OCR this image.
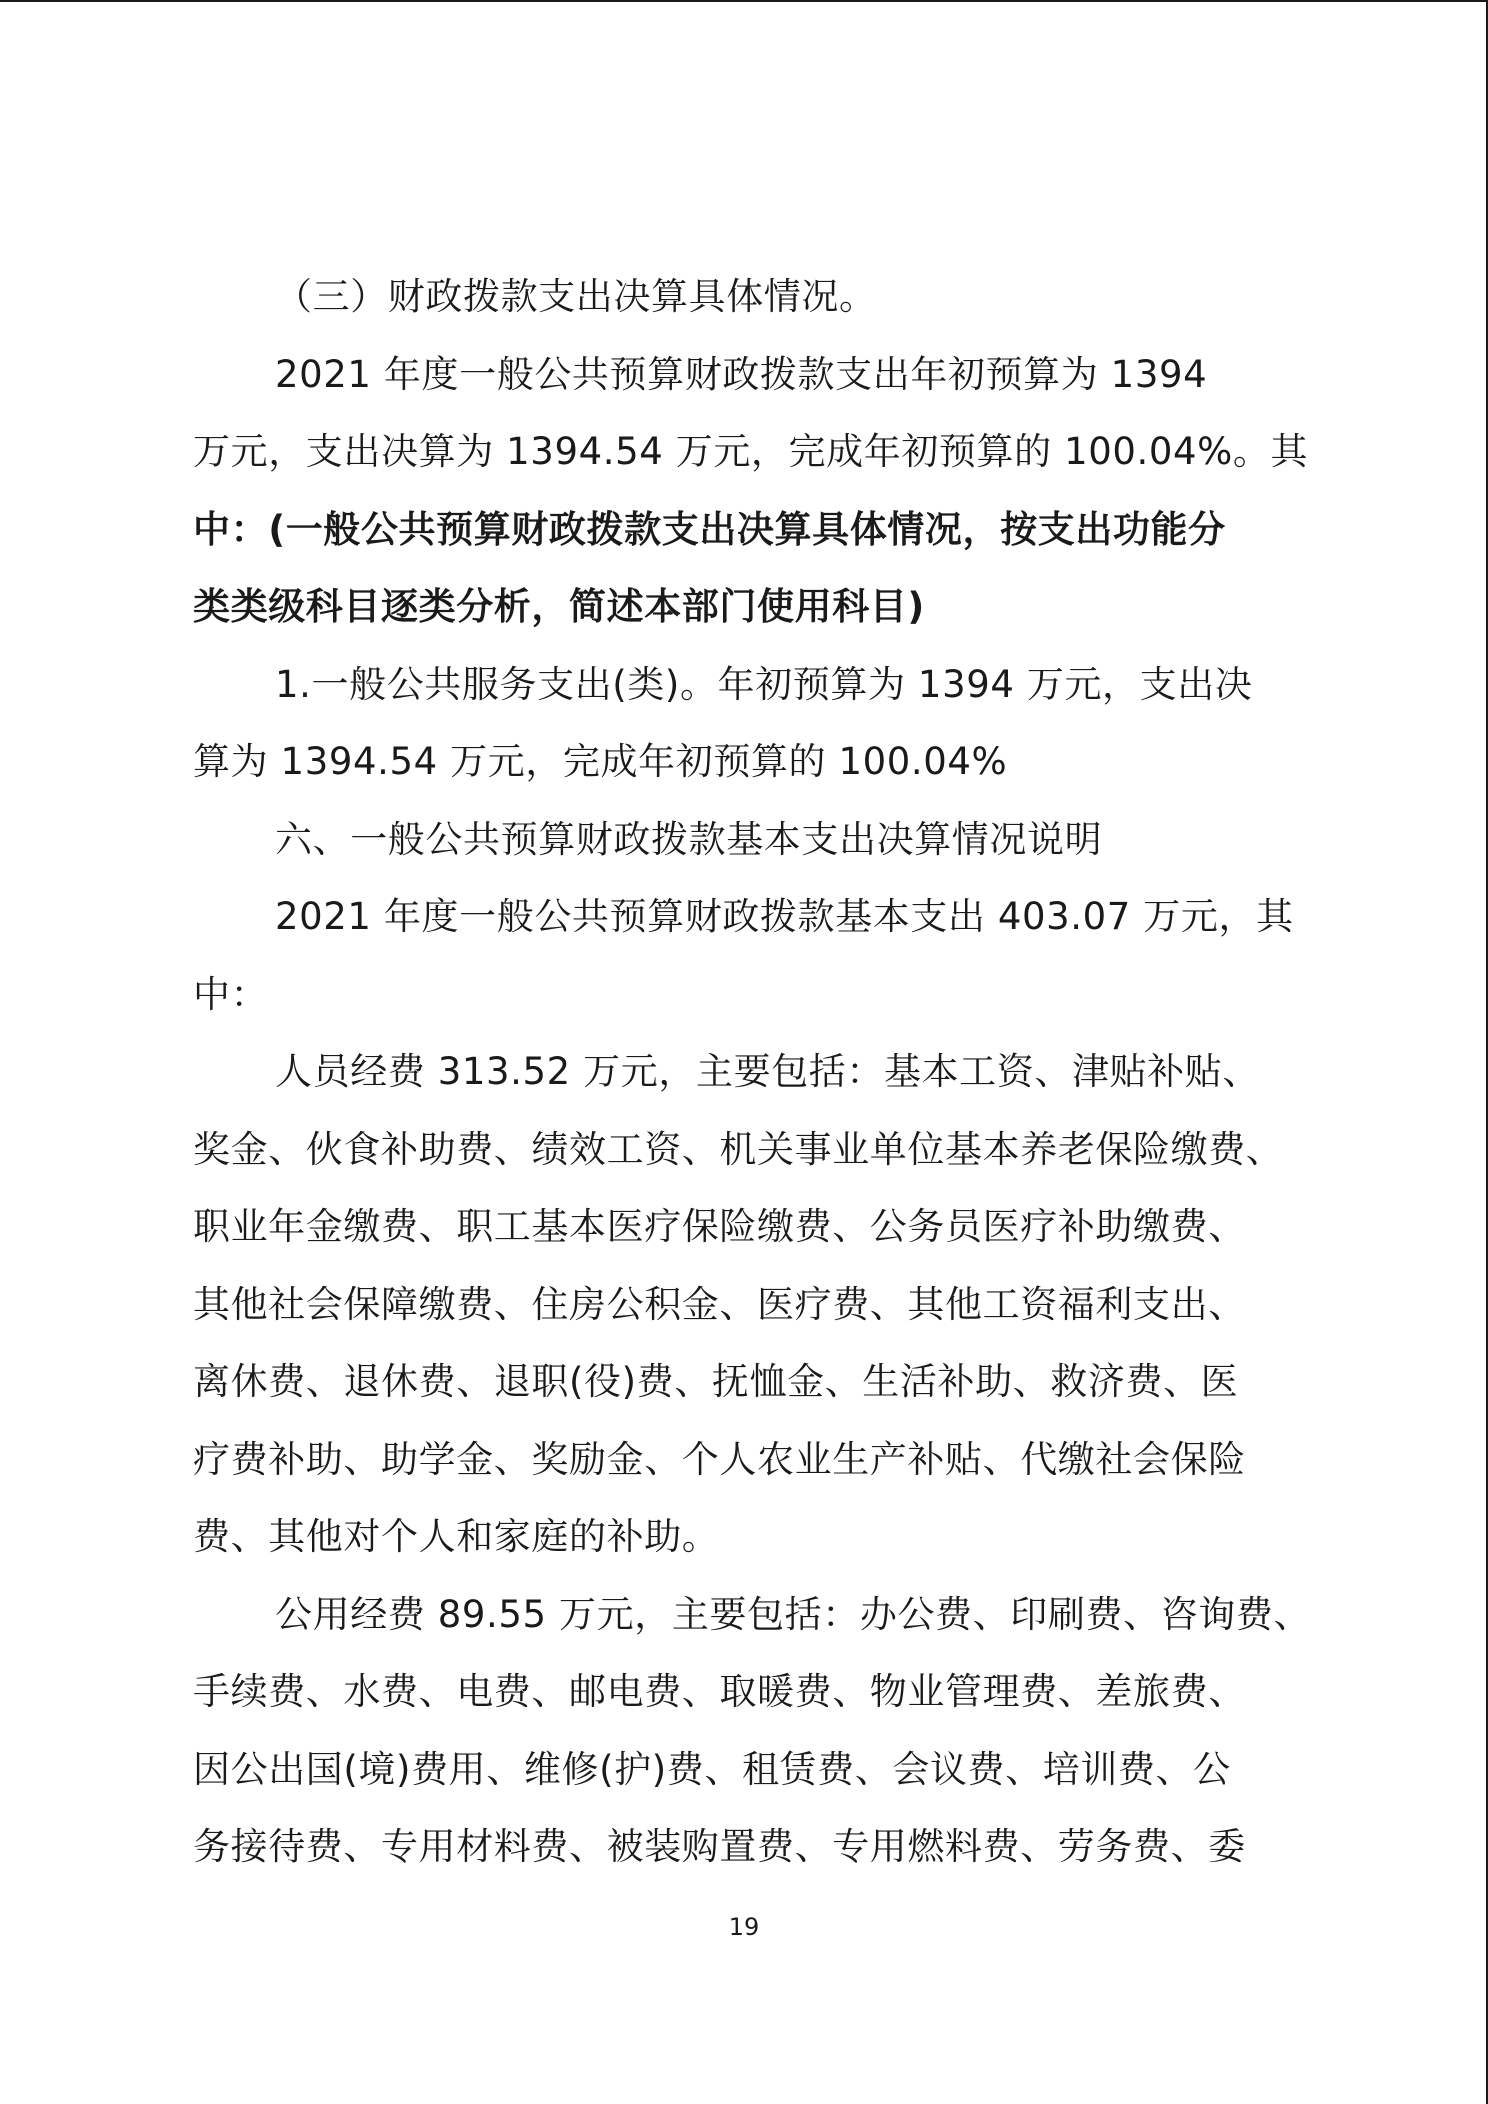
（三）财政拨款支出决算具体情况。

2021 年度一般公共预算财政拨款支出年初预算为 1394
万元，支出决算为 1394.54 万元，完成年初预算的 100.04%。其

中：(一般公共预算财政拨款支出决算具体情况，按支出功能分
类类级科目逐类分析，简述本部门使用科目)

1.一般公共服务支出(类)。年初预算为 1394 万元，支出决
算为 1394.54 万元，完成年初预算的 100.04%

六、一般公共预算财政拨款基本支出决算情况说明

2021 年度一般公共预算财政拨款基本支出 403.07 万元，其
中：

人员经费 313.52 万元，主要包括：基本工资、津贴补贴、
奖金、伙食补助费、绩效工资、机关事业单位基本养老保险缴费、
职业年金缴费、职工基本医疗保险缴费、公务员医疗补助缴费、
其他社会保障缴费、住房公积金、医疗费、其他工资福利支出、
离休费、退休费、退职(役)费、抚恤金、生活补助、救济费、医
疗费补助、助学金、奖励金、个人农业生产补贴、代缴社会保险
费、其他对个人和家庭的补助。

公用经费 89.55 万元，主要包括：办公费、印刷费、咨询费、
手续费、水费、电费、邮电费、取暖费、物业管理费、差旅费、
因公出国(境)费用、维修(护)费、租赁费、会议费、培训费、公
务接待费、专用材料费、被装购置费、专用燃料费、劳务费、委

19
